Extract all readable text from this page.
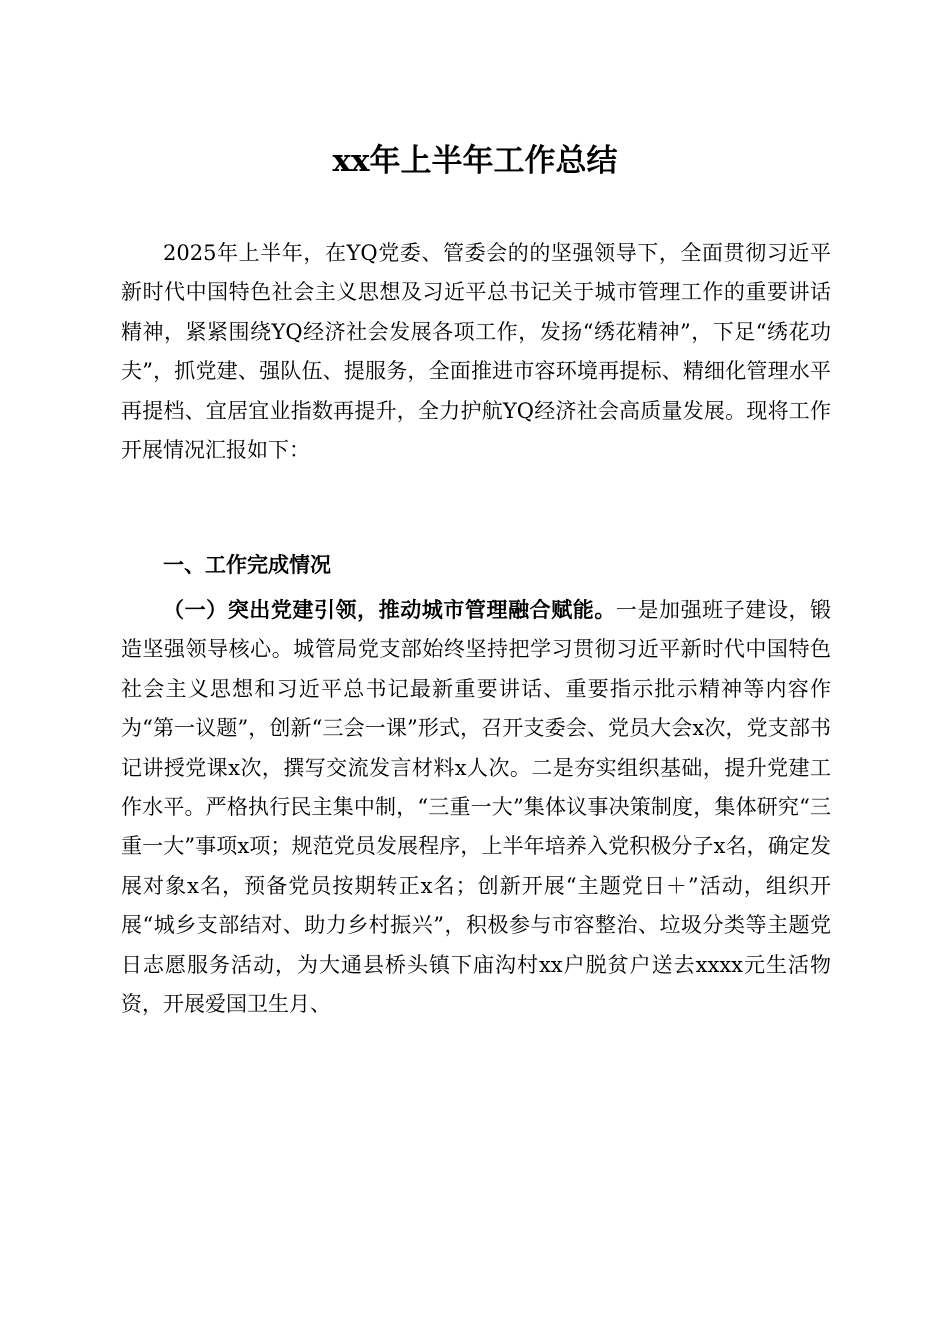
xx年上半年工作总结

2025年上半年，在YQ党委、管委会的的坚强领导下，全面贯彻习近平新时代中国特色社会主义思想及习近平总书记关于城市管理工作的重要讲话精神，紧紧围绕YQ经济社会发展各项工作，发扬“绣花精神”，下足“绣花功夫”，抓党建、强队伍、提服务，全面推进市容环境再提标、精细化管理水平再提档、宜居宜业指数再提升，全力护航YQ经济社会高质量发展。现将工作开展情况汇报如下：

一、工作完成情况

（一）突出党建引领，推动城市管理融合赋能。一是加强班子建设，锻造坚强领导核心。城管局党支部始终坚持把学习贯彻习近平新时代中国特色社会主义思想和习近平总书记最新重要讲话、重要指示批示精神等内容作为“第一议题”，创新“三会一课”形式，召开支委会、党员大会x次，党支部书记讲授党课x次，撰写交流发言材料x人次。二是夯实组织基础，提升党建工作水平。严格执行民主集中制，“三重一大”集体议事决策制度，集体研究“三重一大”事项x项；规范党员发展程序，上半年培养入党积极分子x名，确定发展对象x名，预备党员按期转正x名；创新开展“主题党日＋”活动，组织开展“城乡支部结对、助力乡村振兴”，积极参与市容整治、垃圾分类等主题党日志愿服务活动，为大通县桥头镇下庙沟村xx户脱贫户送去xxxx元生活物资，开展爱国卫生月、
